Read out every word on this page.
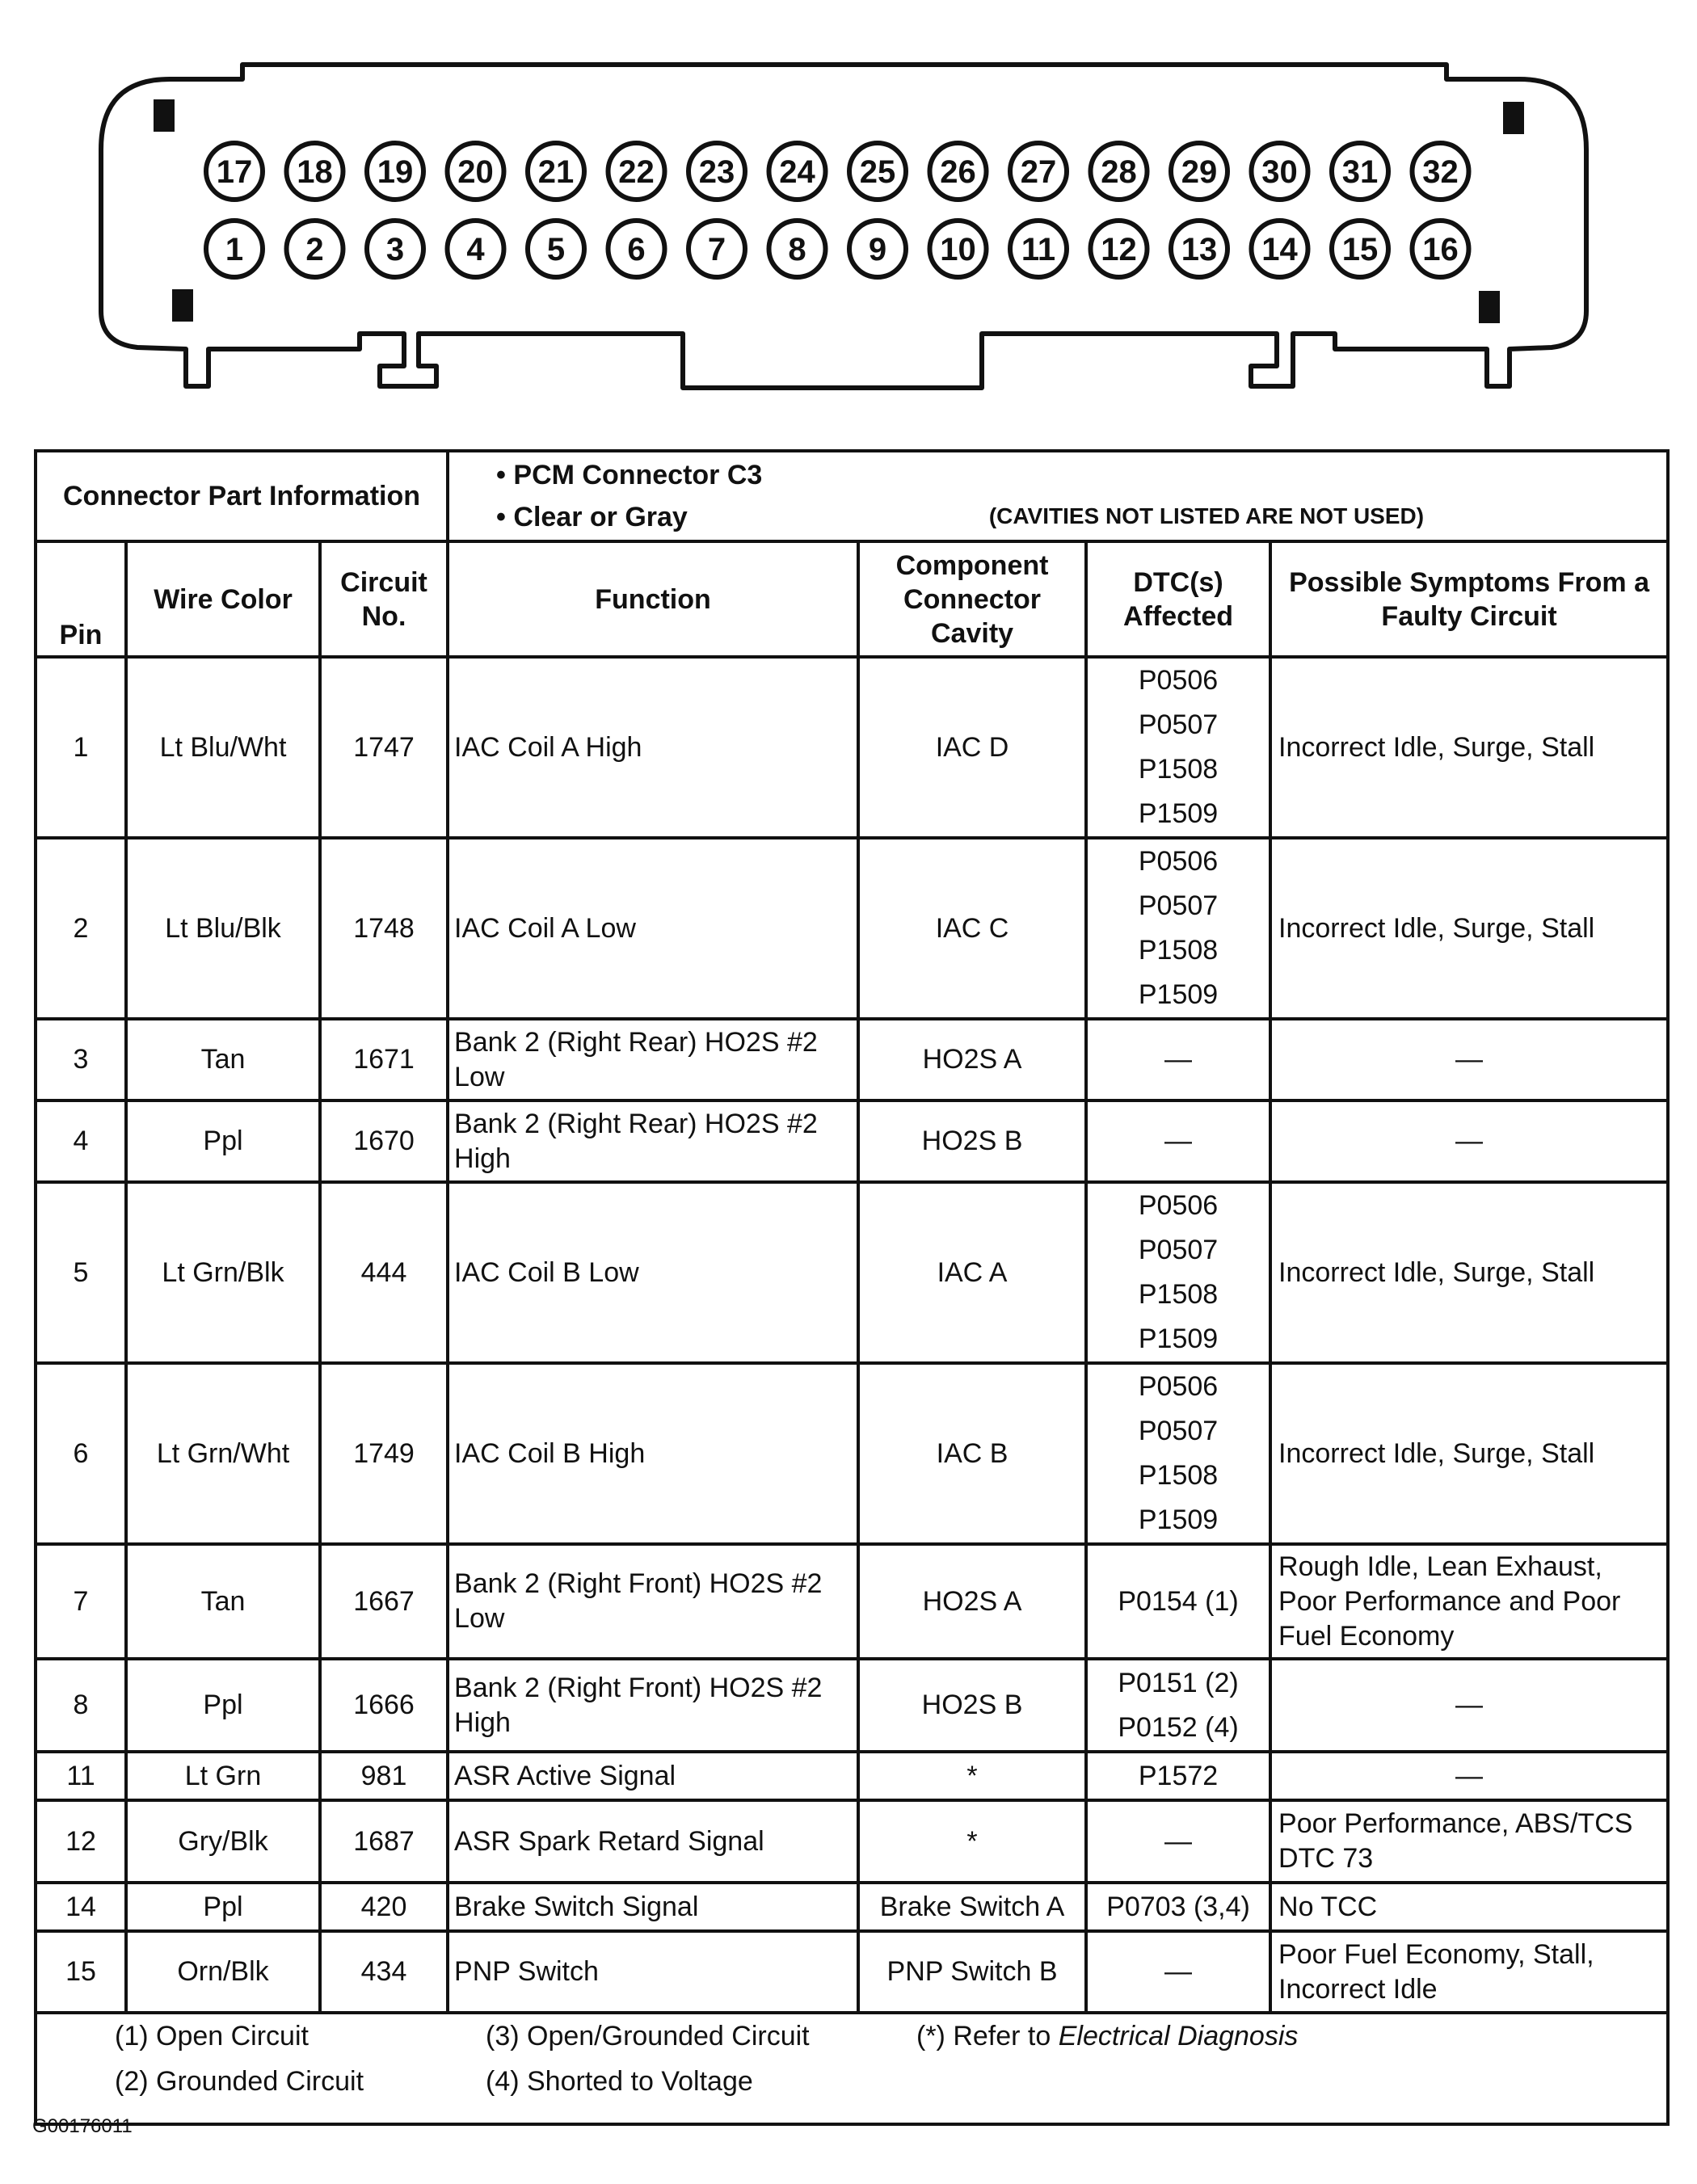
17 18 19 20 21 22 23 24 25 26 27 28 29 30 31 32
1 2 3 4 5 6 7 8 9 10 11 12 13 14 15 16
Connector Part Information			• PCM Connector C3
• Clear or Gray (CAVITIES NOT LISTED ARE NOT USED)			

Pin	Wire Color	Circuit No.	Function	Component Connector Cavity	DTC(s) Affected	Possible Symptoms From a Faulty Circuit
1	Lt Blu/Wht	1747	IAC Coil A High	IAC D	P0506
P0507
P1508
P1509	Incorrect Idle, Surge, Stall
2	Lt Blu/Blk	1748	IAC Coil A Low	IAC C	P0506
P0507
P1508
P1509	Incorrect Idle, Surge, Stall
3	Tan	1671	Bank 2 (Right Rear) HO2S #2 Low	HO2S A	—	—
4	Ppl	1670	Bank 2 (Right Rear) HO2S #2 High	HO2S B	—	—
5	Lt Grn/Blk	444	IAC Coil B Low	IAC A	P0506
P0507
P1508
P1509	Incorrect Idle, Surge, Stall
6	Lt Grn/Wht	1749	IAC Coil B High	IAC B	P0506
P0507
P1508
P1509	Incorrect Idle, Surge, Stall
7	Tan	1667	Bank 2 (Right Front) HO2S #2 Low	HO2S A	P0154 (1)	Rough Idle, Lean Exhaust, Poor Performance and Poor Fuel Economy
8	Ppl	1666	Bank 2 (Right Front) HO2S #2 High	HO2S B	P0151 (2)
P0152 (4)	—
11	Lt Grn	981	ASR Active Signal	*	P1572	—
12	Gry/Blk	1687	ASR Spark Retard Signal	*	—	Poor Performance, ABS/TCS DTC 73
14	Ppl	420	Brake Switch Signal	Brake Switch A	P0703 (3,4)	No TCC
15	Orn/Blk	434	PNP Switch	PNP Switch B	—	Poor Fuel Economy, Stall, Incorrect Idle

(1) Open Circuit
(2) Grounded Circuit
(3) Open/Grounded Circuit
(4) Shorted to Voltage
(*) Refer to Electrical Diagnosis						
G00176011
